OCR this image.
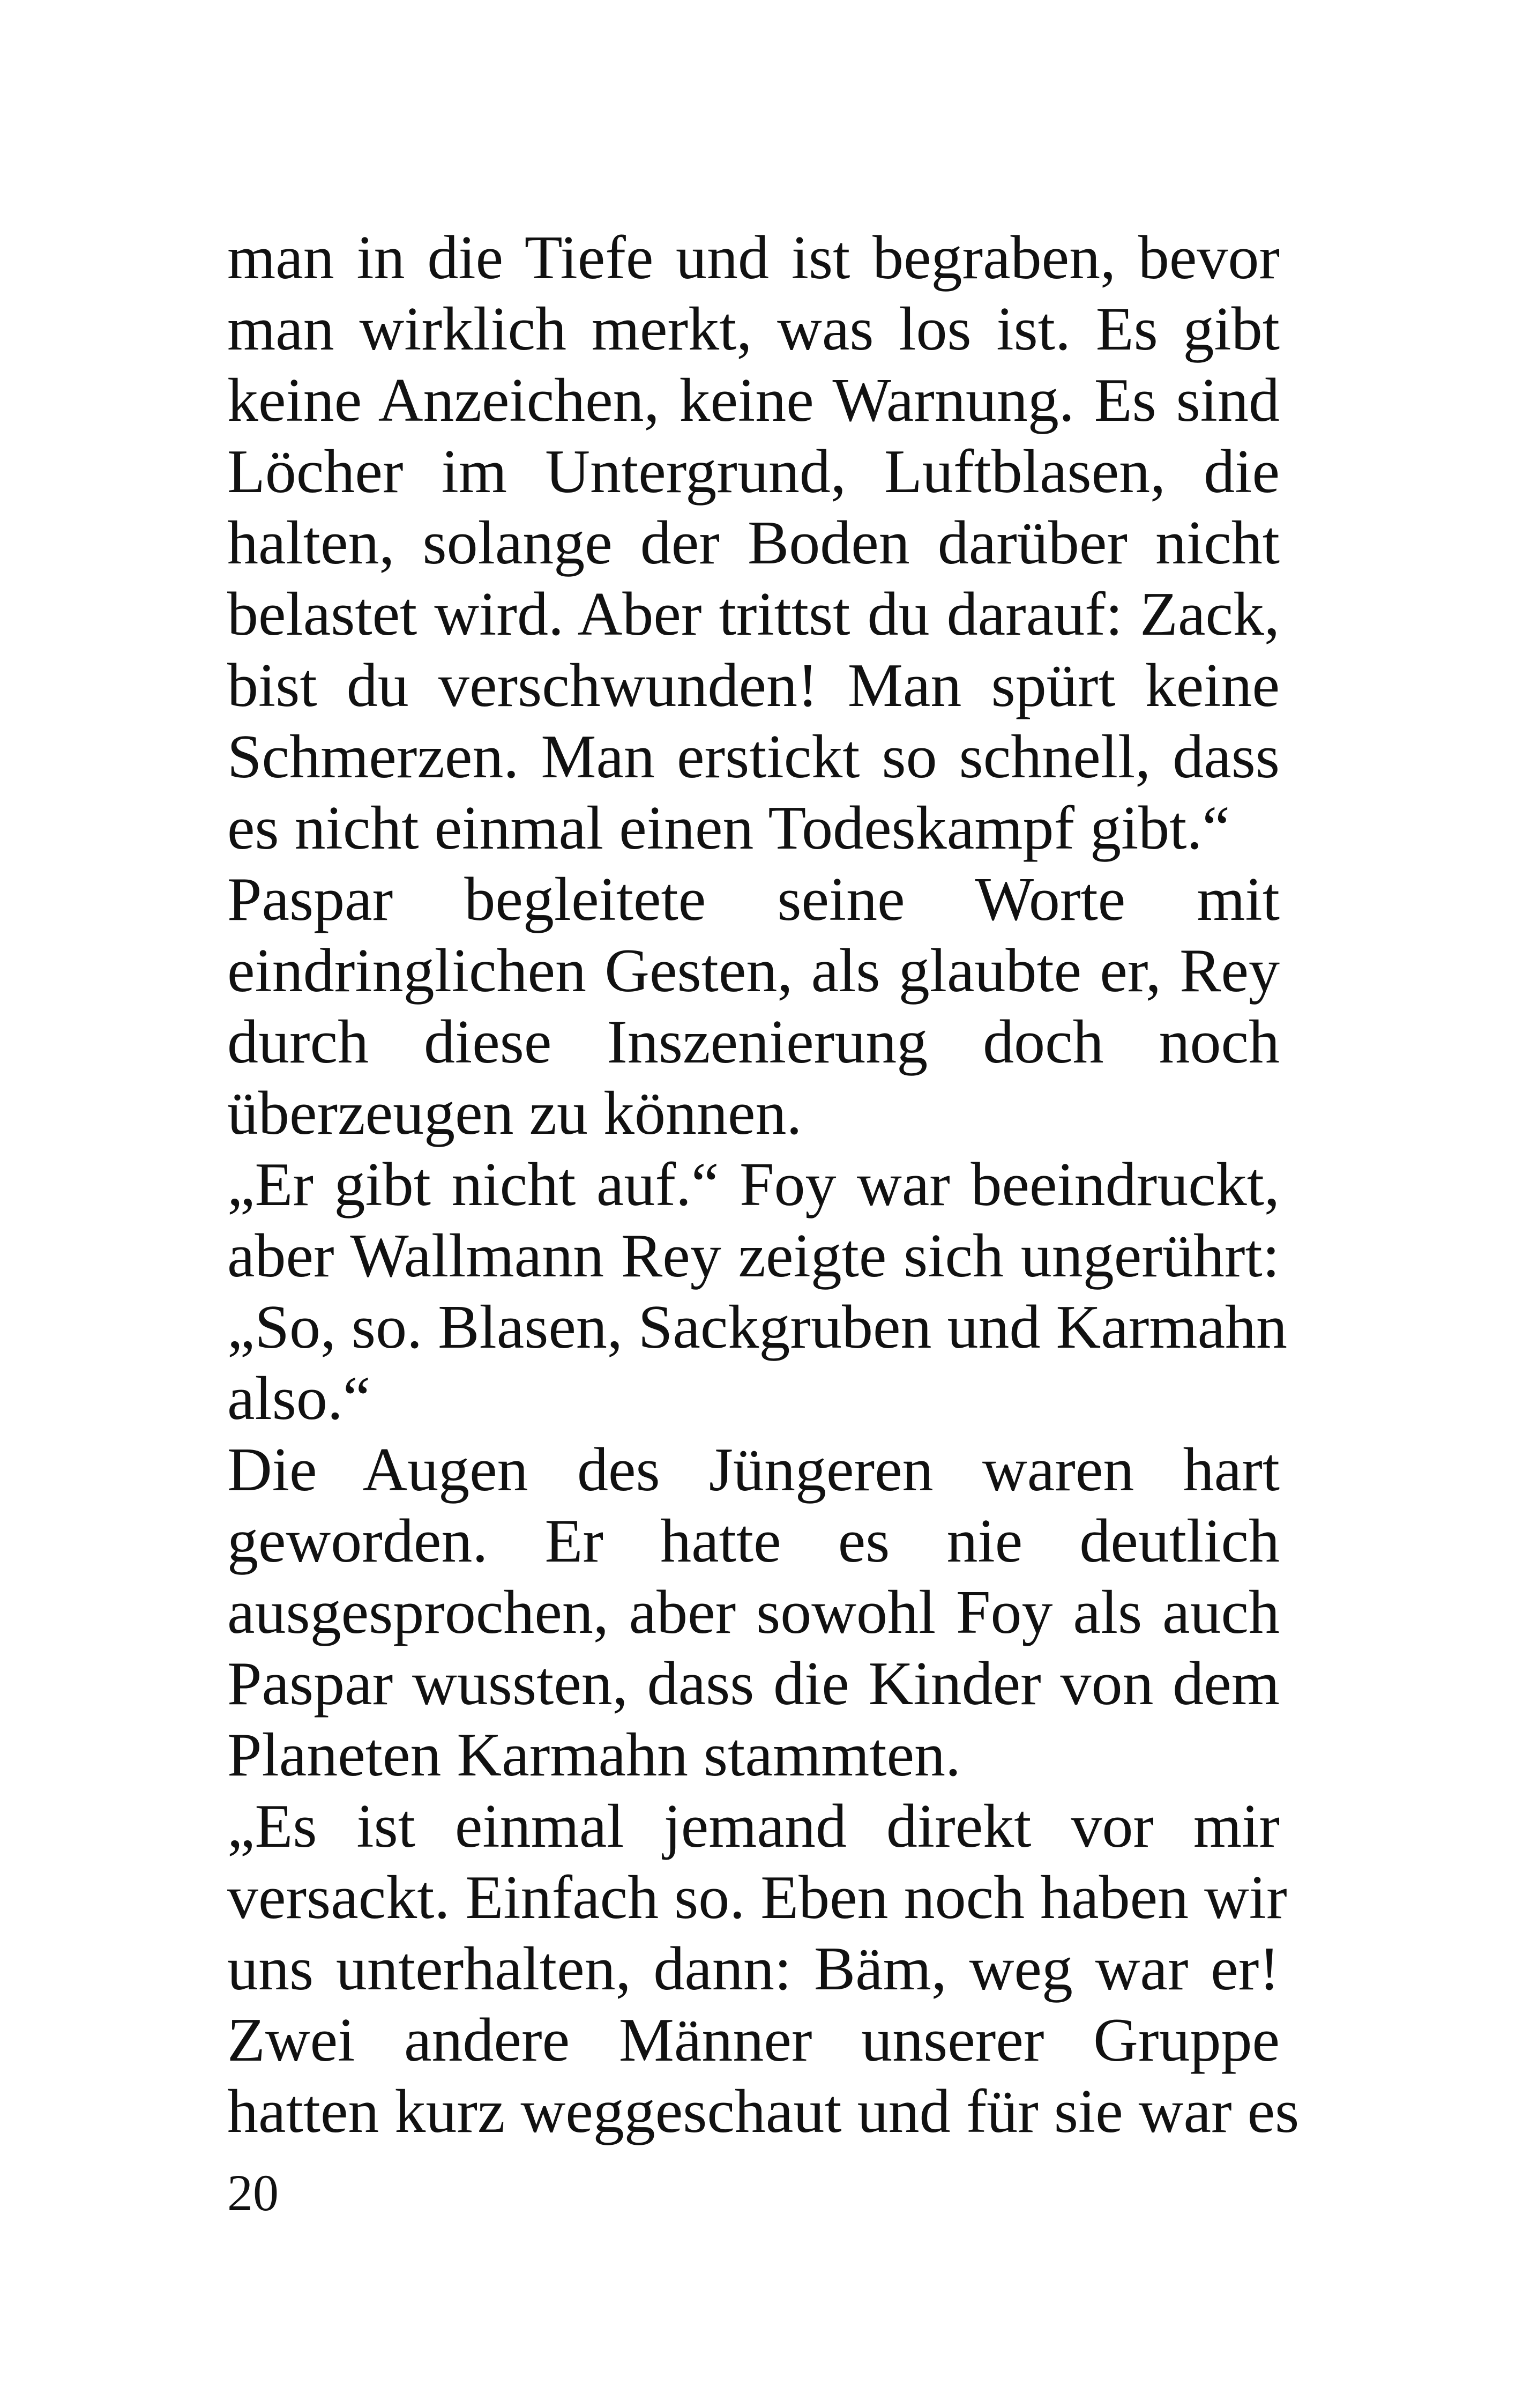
man in die Tiefe und ist begraben, bevor
man wirklich merkt, was los ist. Es gibt
keine Anzeichen, keine Warnung. Es sind
Löcher im Untergrund, Luftblasen, die
halten, solange der Boden darüber nicht
belastet wird. Aber trittst du darauf: Zack,
bist du verschwunden! Man spürt keine
Schmerzen. Man erstickt so schnell, dass
es nicht einmal einen Todeskampf gibt.“
Paspar begleitete seine Worte mit
eindringlichen Gesten, als glaubte er, Rey
durch diese Inszenierung doch noch
überzeugen zu können.
„Er gibt nicht auf.“ Foy war beeindruckt,
aber Wallmann Rey zeigte sich ungerührt:
„So, so. Blasen, Sackgruben und Karmahn
also.“
Die Augen des Jüngeren waren hart
geworden. Er hatte es nie deutlich
ausgesprochen, aber sowohl Foy als auch
Paspar wussten, dass die Kinder von dem
Planeten Karmahn stammten.
„Es ist einmal jemand direkt vor mir
versackt. Einfach so. Eben noch haben wir
uns unterhalten, dann: Bäm, weg war er!
Zwei andere Männer unserer Gruppe
hatten kurz weggeschaut und für sie war es
20
